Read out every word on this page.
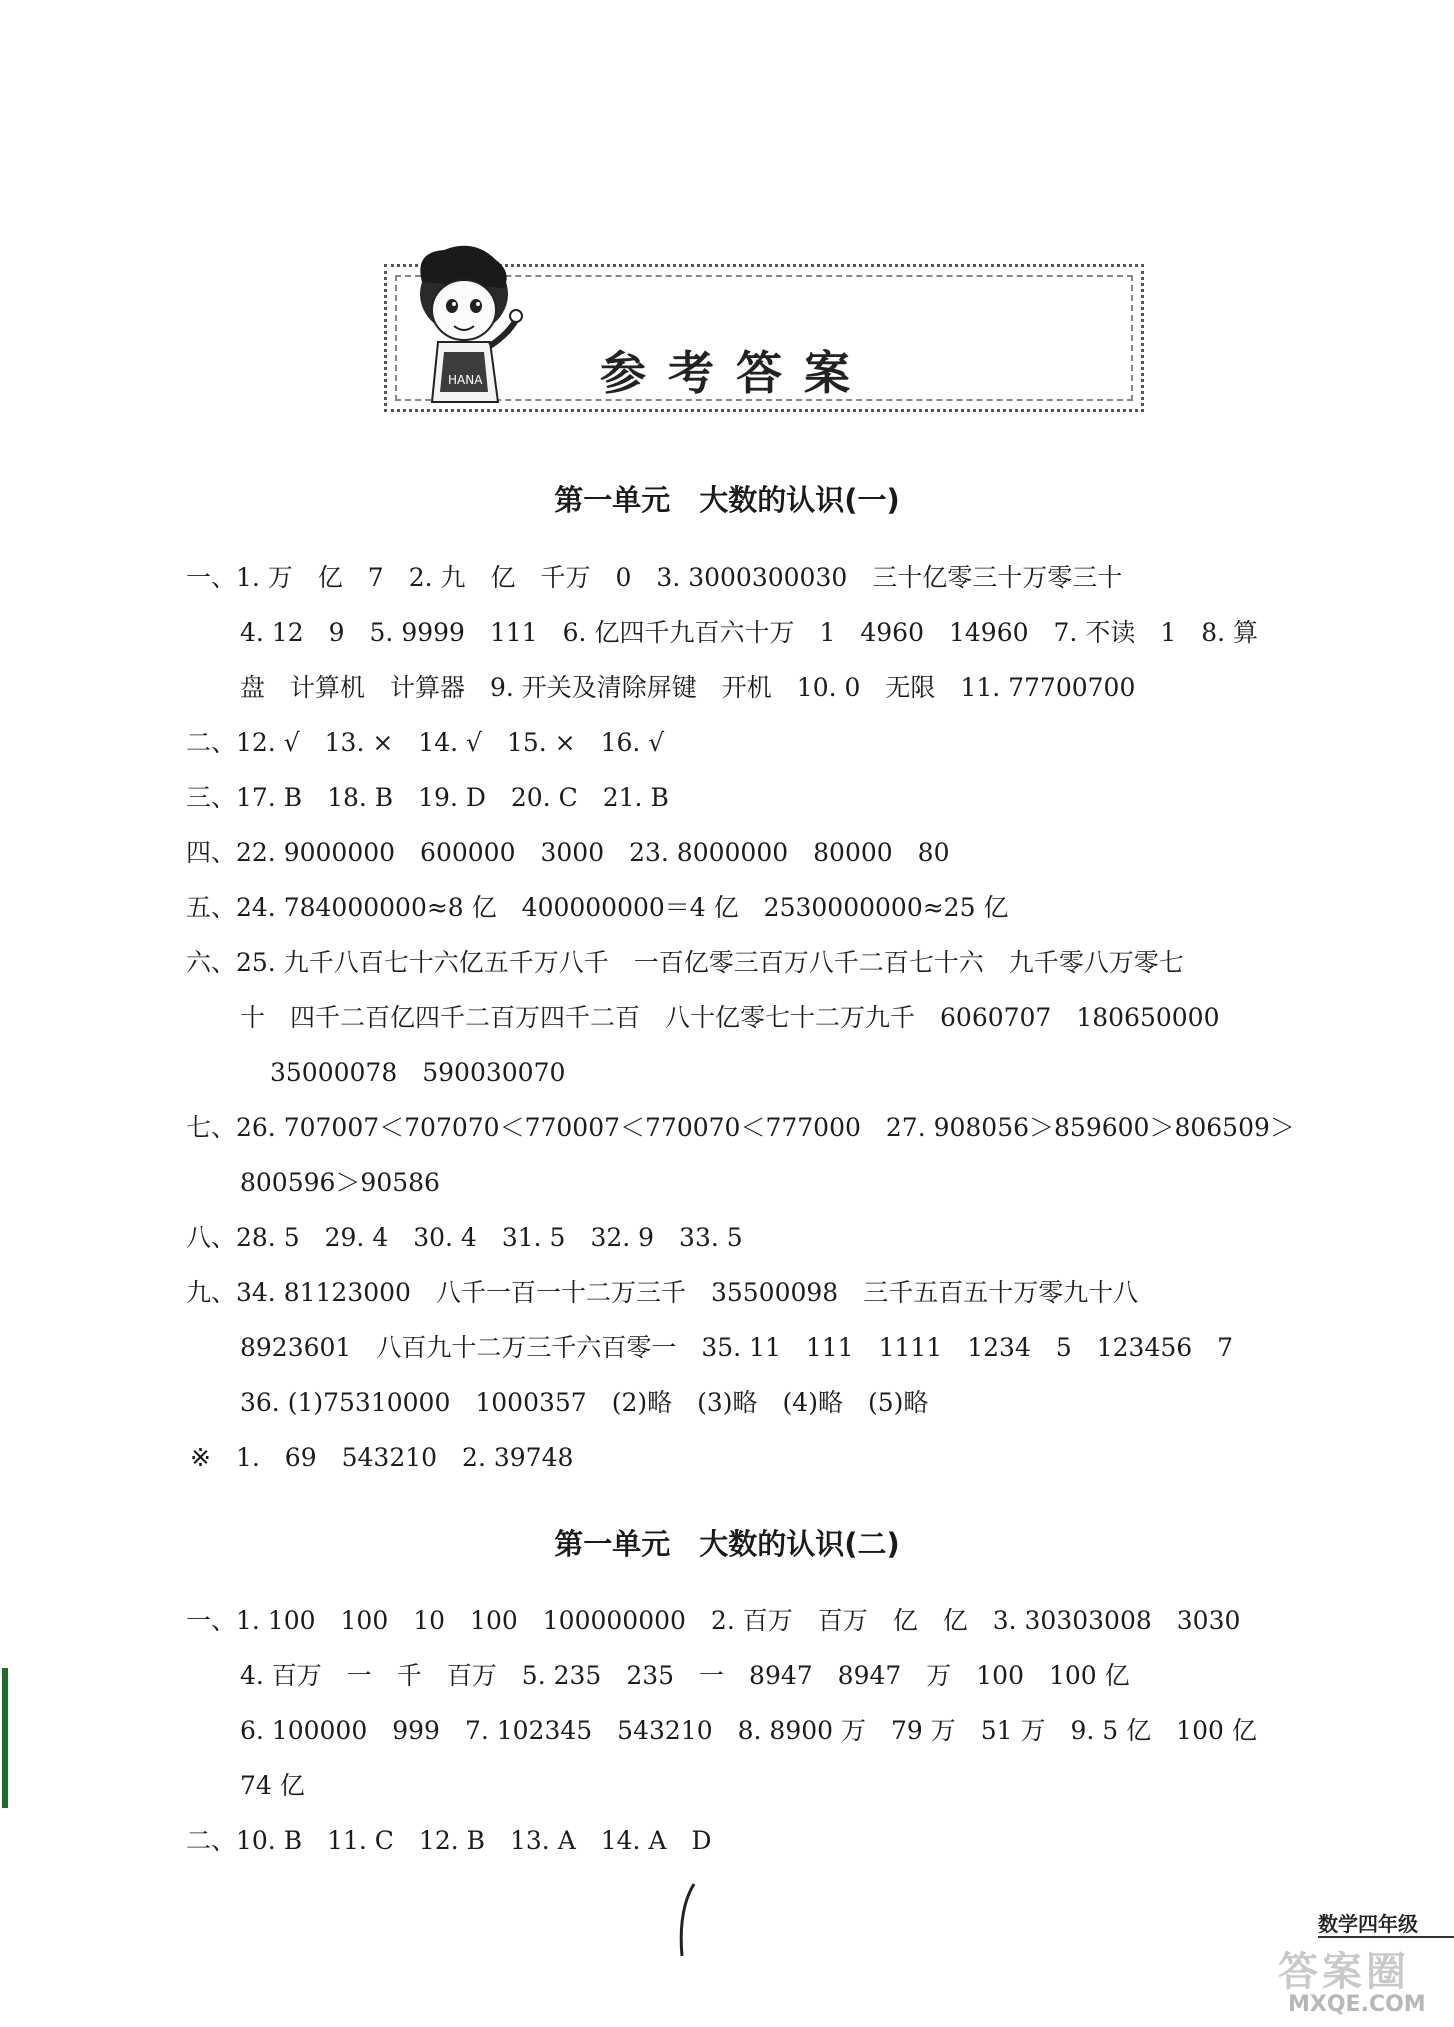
HANA	参考答案
第一单元　大数的认识(一)
一、1. 万　亿　7　2. 九　亿　千万　0　3. 3000300030　三十亿零三十万零三十
4. 12　9　5. 9999　111　6. 亿四千九百六十万　1　4960　14960　7. 不读　1　8. 算
盘　计算机　计算器　9. 开关及清除屏键　开机　10. 0　无限　11. 77700700
二、12. √　13. ×　14. √　15. ×　16. √
三、17. B　18. B　19. D　20. C　21. B
四、22. 9000000　600000　3000　23. 8000000　80000　80
五、24. 784000000≈8 亿　400000000＝4 亿　2530000000≈25 亿
六、25. 九千八百七十六亿五千万八千　一百亿零三百万八千二百七十六　九千零八万零七
十　四千二百亿四千二百万四千二百　八十亿零七十二万九千　6060707　180650000
35000078　590030070
七、26. 707007＜707070＜770007＜770070＜777000　27. 908056＞859600＞806509＞
800596＞90586
八、28. 5　29. 4　30. 4　31. 5　32. 9　33. 5
九、34. 81123000　八千一百一十二万三千　35500098　三千五百五十万零九十八
8923601　八百九十二万三千六百零一　35. 11　111　1111　1234　5　123456　7
36. (1)75310000　1000357　(2)略　(3)略　(4)略　(5)略
※　1.　69　543210　2. 39748
第一单元　大数的认识(二)
一、1. 100　100　10　100　100000000　2. 百万　百万　亿　亿　3. 30303008　3030
4. 百万　一　千　百万　5. 235　235　一　8947　8947　万　100　100 亿
6. 100000　999　7. 102345　543210　8. 8900 万　79 万　51 万　9. 5 亿　100 亿
74 亿
二、10. B　11. C　12. B　13. A　14. A　D
数学四年级
答案圈
MXQE.COM
